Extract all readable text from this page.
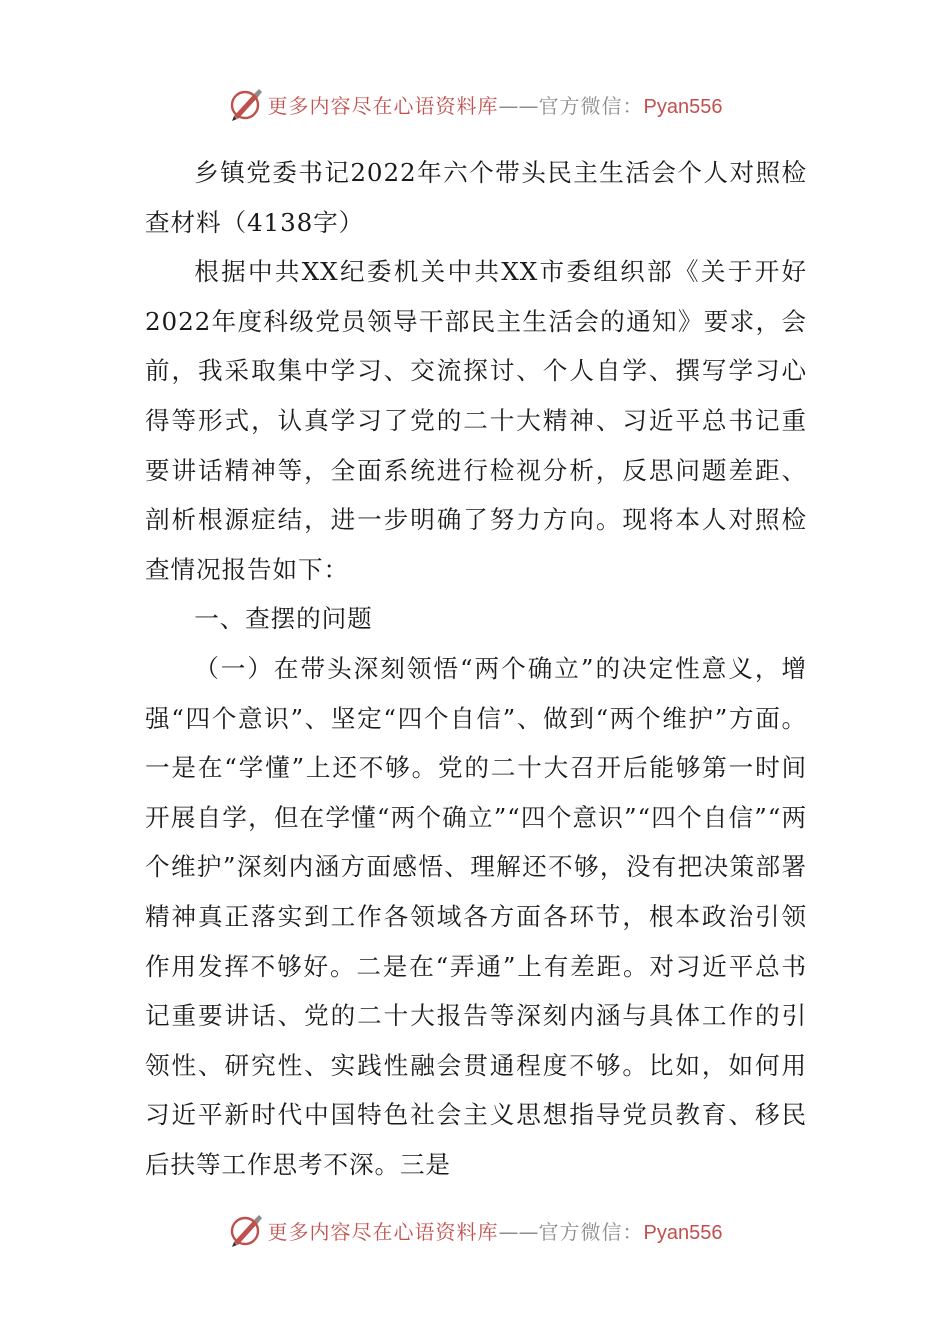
更多内容尽在心语资料库——官方微信：Pyan556

乡镇党委书记2022年六个带头民主生活会个人对照检查材料（4138字）

根据中共XX纪委机关中共XX市委组织部《关于开好2022年度科级党员领导干部民主生活会的通知》要求，会前，我采取集中学习、交流探讨、个人自学、撰写学习心得等形式，认真学习了党的二十大精神、习近平总书记重要讲话精神等，全面系统进行检视分析，反思问题差距、剖析根源症结，进一步明确了努力方向。现将本人对照检查情况报告如下：

一、查摆的问题

（一）在带头深刻领悟“两个确立”的决定性意义，增强“四个意识”、坚定“四个自信”、做到“两个维护”方面。一是在“学懂”上还不够。党的二十大召开后能够第一时间开展自学，但在学懂“两个确立”“四个意识”“四个自信”“两个维护”深刻内涵方面感悟、理解还不够，没有把决策部署精神真正落实到工作各领域各方面各环节，根本政治引领作用发挥不够好。二是在“弄通”上有差距。对习近平总书记重要讲话、党的二十大报告等深刻内涵与具体工作的引领性、研究性、实践性融会贯通程度不够。比如，如何用习近平新时代中国特色社会主义思想指导党员教育、移民后扶等工作思考不深。三是

更多内容尽在心语资料库——官方微信：Pyan556
